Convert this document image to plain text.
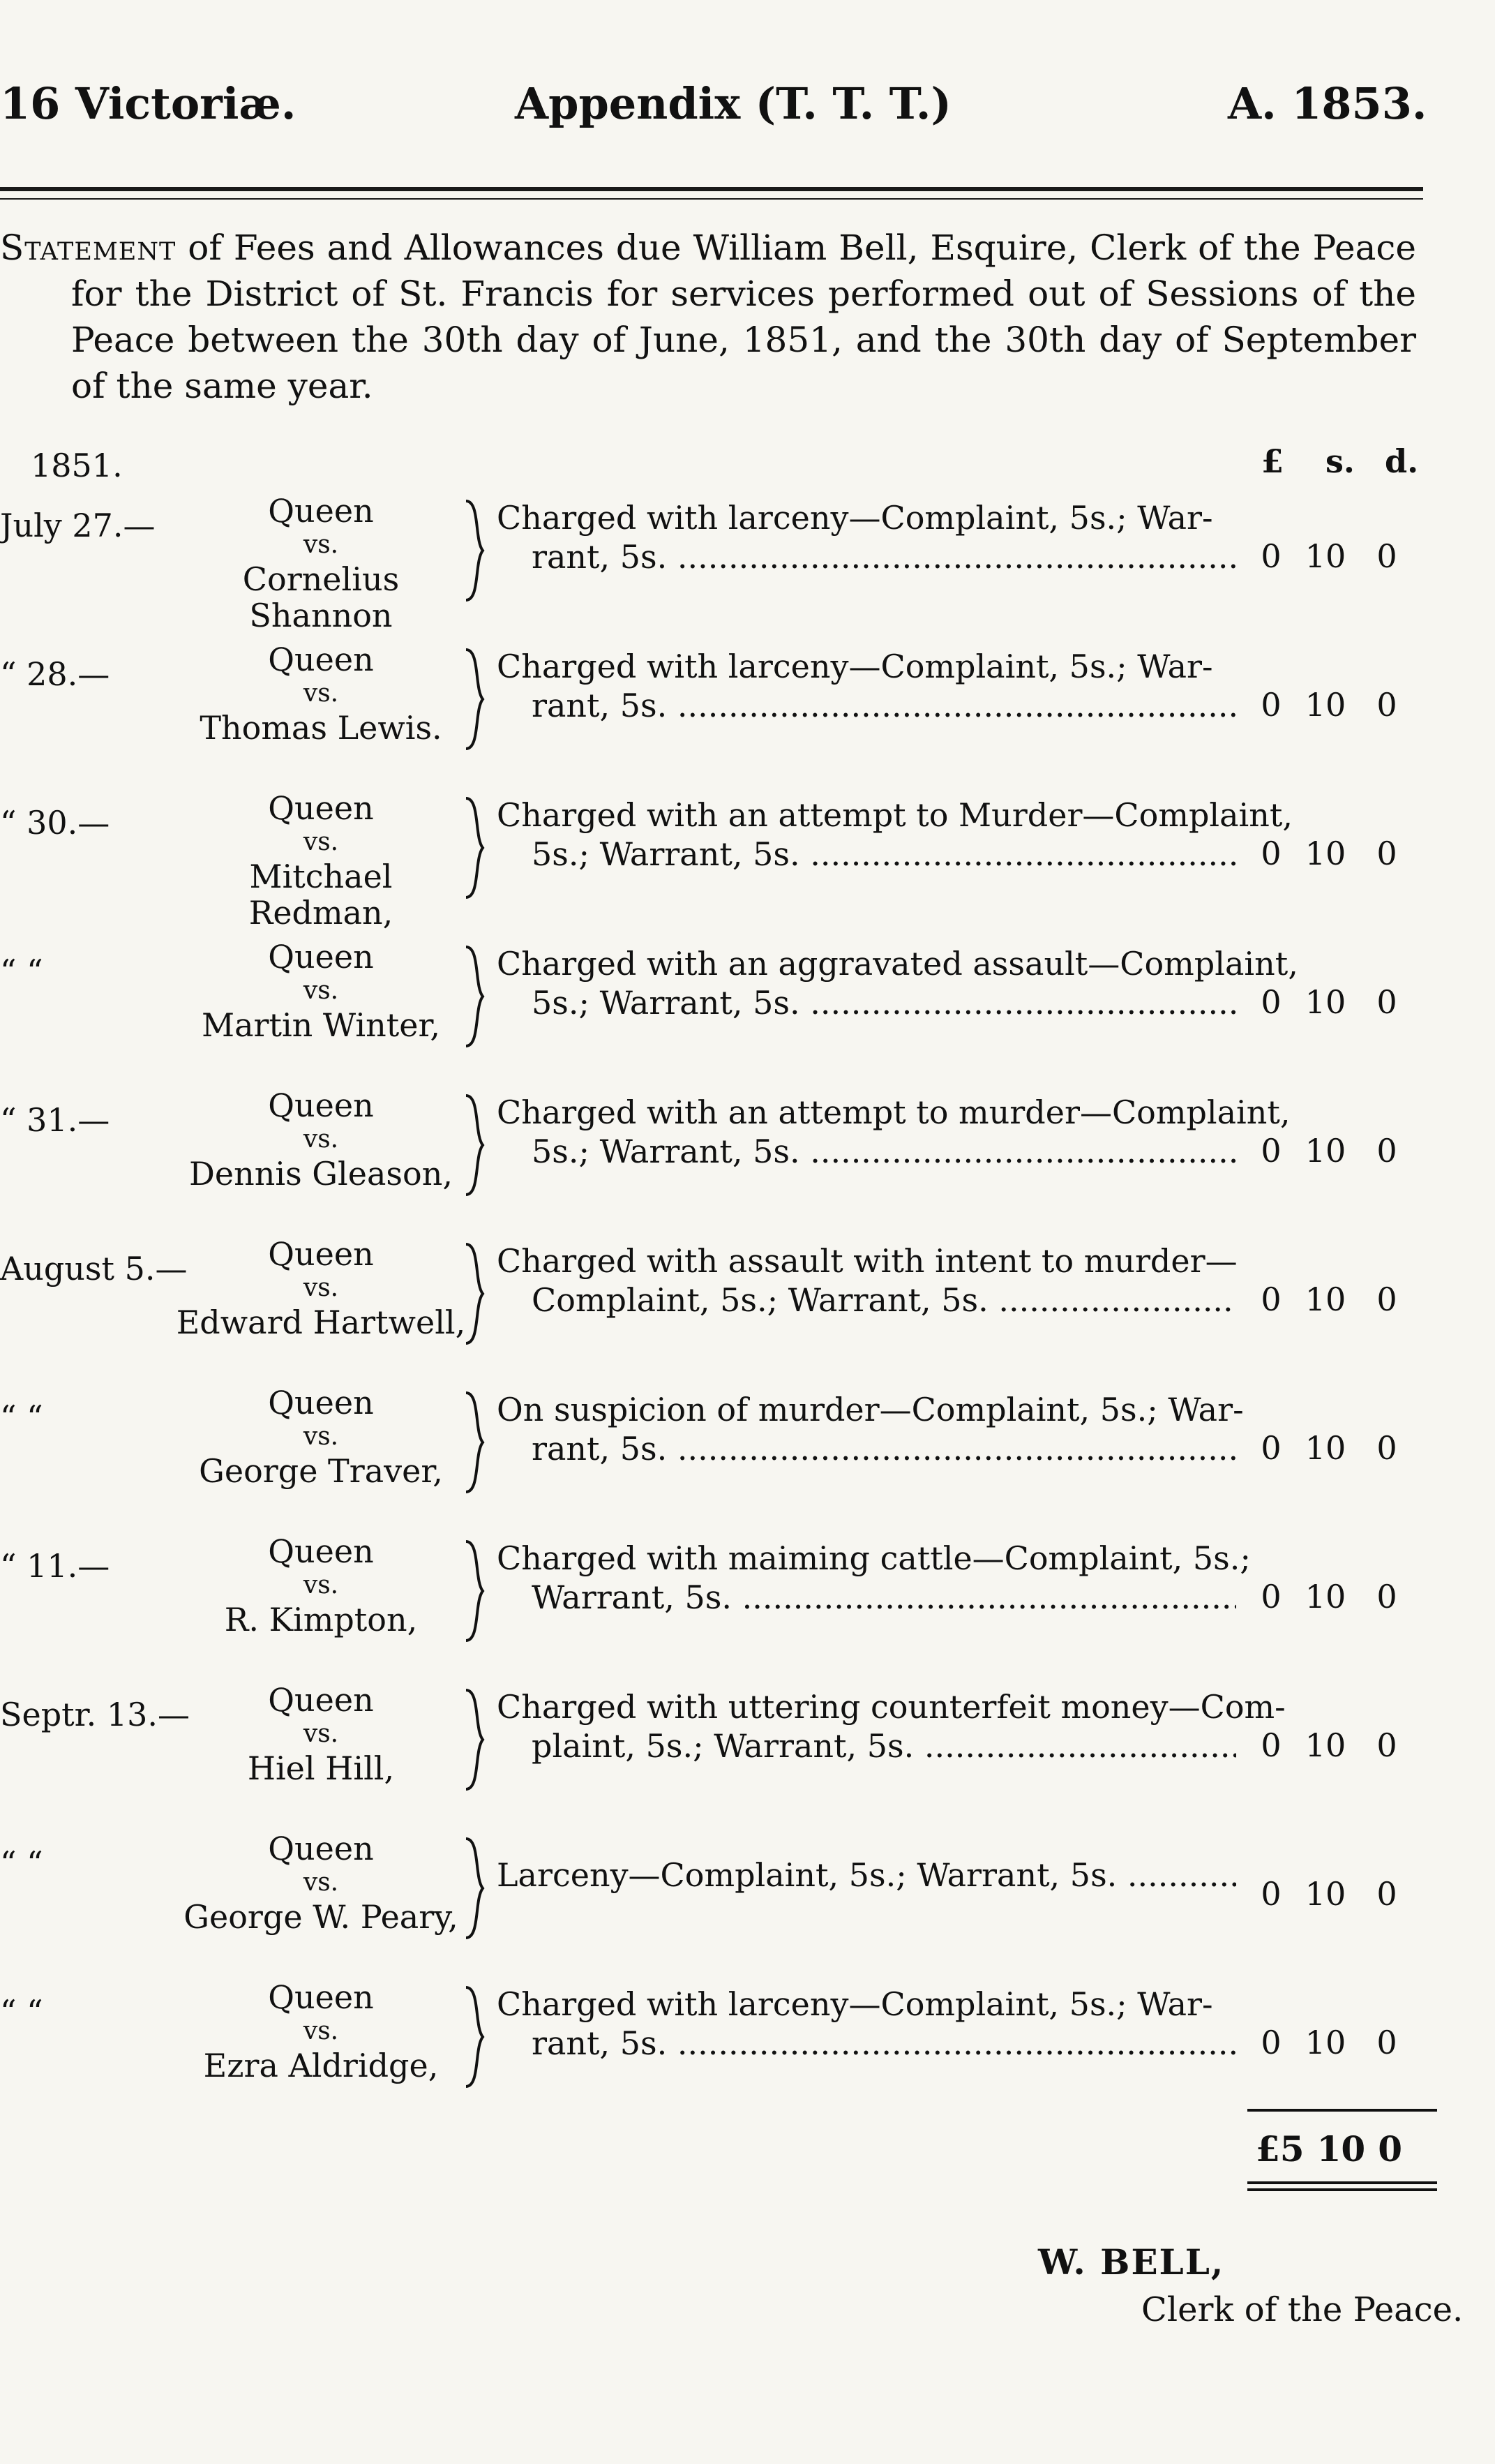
16 Victoriæ.	Appendix (T. T. T.)	A. 1853.
Statement of Fees and Allowances due William Bell, Esquire, Clerk of the Peace for the District of St. Francis for services performed out of Sessions of the Peace between the 30th day of June, 1851, and the 30th day of September of the same year.
1851.	£ s. d.
July 27.—	Queen
vs.
Cornelius Shannon
Charged with larceny—Complaint, 5s.; War-
rant, 5s. .....	0 10 0
“ 28.—	Queen
vs.
Thomas Lewis.
Charged with larceny—Complaint, 5s.; War-
rant, 5s. .....	0 10 0
“ 30.—	Queen
vs.
Mitchael Redman,
Charged with an attempt to Murder—Complaint,
5s.; Warrant, 5s. .....	0 10 0
“ “	Queen
vs.
Martin Winter,
Charged with an aggravated assault—Complaint,
5s.; Warrant, 5s. .....	0 10 0
“ 31.—	Queen
vs.
Dennis Gleason,
Charged with an attempt to murder—Complaint,
5s.; Warrant, 5s. .....	0 10 0
August 5.—	Queen
vs.
Edward Hartwell,
Charged with assault with intent to murder—
Complaint, 5s.; Warrant, 5s. .....	0 10 0
“ “	Queen
vs.
George Traver,
On suspicion of murder—Complaint, 5s.; War-
rant, 5s. .....	0 10 0
“ 11.—	Queen
vs.
R. Kimpton,
Charged with maiming cattle—Complaint, 5s.;
Warrant, 5s. .....	0 10 0
Septr. 13.—	Queen
vs.
Hiel Hill,
Charged with uttering counterfeit money—Com-
plaint, 5s.; Warrant, 5s. .....	0 10 0
“ “	Queen
vs.
George W. Peary,
Larceny—Complaint, 5s.; Warrant, 5s. .....	0 10 0
“ “	Queen
vs.
Ezra Aldridge,
Charged with larceny—Complaint, 5s.; War-
rant, 5s. .....	0 10 0
£5 10 0
W. BELL,
Clerk of the Peace.
